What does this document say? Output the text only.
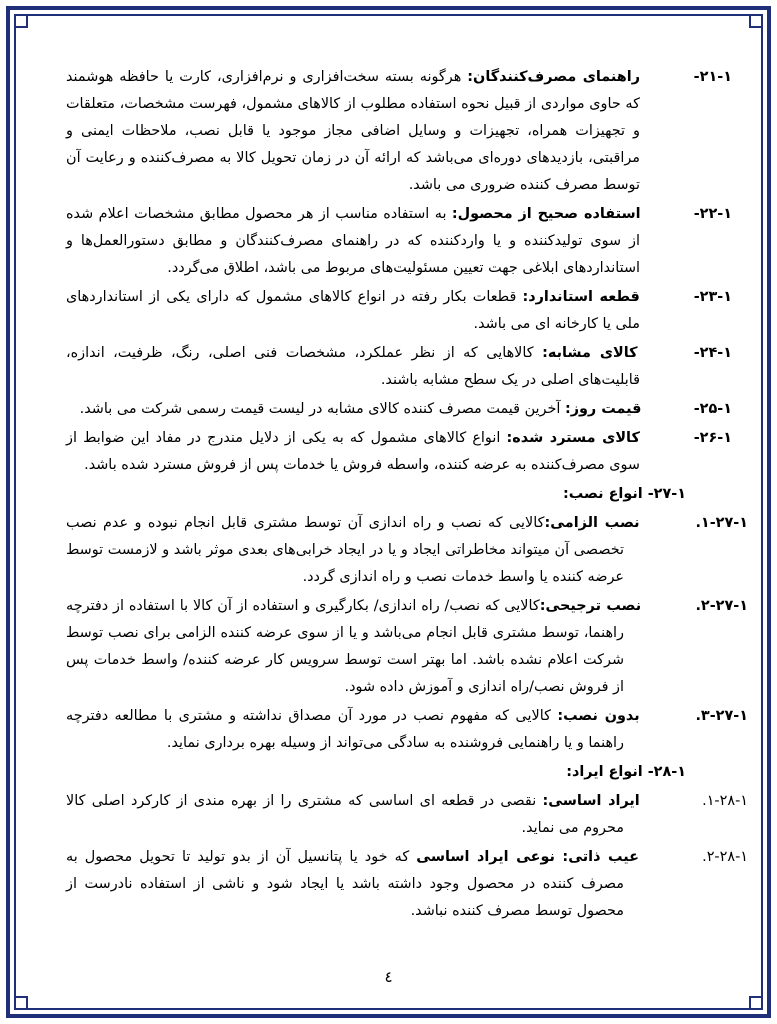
۲۱-۱- راهنمای مصرف‌کنندگان: هرگونه بسته سخت‌افزاری و نرم‌افزاری، کارت یا حافظه هوشمند که حاوی مواردی از قبیل نحوه استفاده مطلوب از کالاهای مشمول، فهرست مشخصات، متعلقات و تجهیزات همراه، تجهیزات و وسایل اضافی مجاز موجود یا قابل نصب، ملاحظات ایمنی و مراقبتی، بازدیدهای دوره‌ای می‌باشد که ارائه آن در زمان تحویل کالا به مصرف‌کننده و رعایت آن توسط مصرف کننده ضروری می باشد.

۲۲-۱- استفاده صحیح از محصول: به استفاده مناسب از هر محصول مطابق مشخصات اعلام شده از سوی تولیدکننده و یا واردکننده که در راهنمای مصرف‌کنندگان و مطابق دستورالعمل‌ها و استانداردهای ابلاغی جهت تعیین مسئولیت‌های مربوط می باشد، اطلاق می‌گردد.

۲۳-۱- قطعه استاندارد: قطعات بکار رفته در انواع کالاهای مشمول که دارای یکی از استانداردهای ملی یا کارخانه ای می باشد.

۲۴-۱- کالای مشابه: کالاهایی که از نظر عملکرد، مشخصات فنی اصلی، رنگ، ظرفیت، اندازه، قابلیت‌های اصلی در یک سطح مشابه باشند.

۲۵-۱- قیمت روز: آخرین قیمت مصرف کننده کالای مشابه در لیست قیمت رسمی شرکت می باشد.

۲۶-۱- کالای مسترد شده: انواع کالاهای مشمول که به یکی از دلایل مندرج در مفاد این ضوابط از سوی مصرف‌کننده به عرضه کننده، واسطه فروش یا خدمات پس از فروش مسترد شده باشد.

۲۷-۱- انواع نصب:

۱-۲۷-۱. نصب الزامی:کالایی که نصب و راه اندازی آن توسط مشتری قابل انجام نبوده و عدم نصب تخصصی آن میتواند مخاطراتی ایجاد و یا در ایجاد خرابی‌های بعدی موثر باشد و لازمست توسط عرضه کننده یا واسط خدمات نصب و راه اندازی گردد.

۲-۲۷-۱. نصب ترجیحی:کالایی که نصب/ راه اندازی/ بکارگیری و استفاده از آن کالا با استفاده از دفترچه راهنما، توسط مشتری قابل انجام می‌باشد و یا از سوی عرضه کننده الزامی برای نصب توسط شرکت اعلام نشده باشد. اما بهتر است توسط سرویس کار عرضه کننده/ واسط خدمات پس از فروش نصب/راه اندازی و آموزش داده شود.

۳-۲۷-۱. بدون نصب: کالایی که مفهوم نصب در مورد آن مصداق نداشته و مشتری با مطالعه دفترچه راهنما و یا راهنمایی فروشنده به سادگی می‌تواند از وسیله بهره برداری نماید.

۲۸-۱- انواع ایراد:

۱-۲۸-۱. ایراد اساسی: نقصی در قطعه ای اساسی که مشتری را از بهره مندی از کارکرد اصلی کالا محروم می نماید.

۲-۲۸-۱. عیب ذاتی: نوعی ایراد اساسی که خود یا پتانسیل آن از بدو تولید تا تحویل محصول به مصرف کننده در محصول وجود داشته باشد یا ایجاد شود و ناشی از استفاده نادرست از محصول توسط مصرف کننده نباشد.

٤
